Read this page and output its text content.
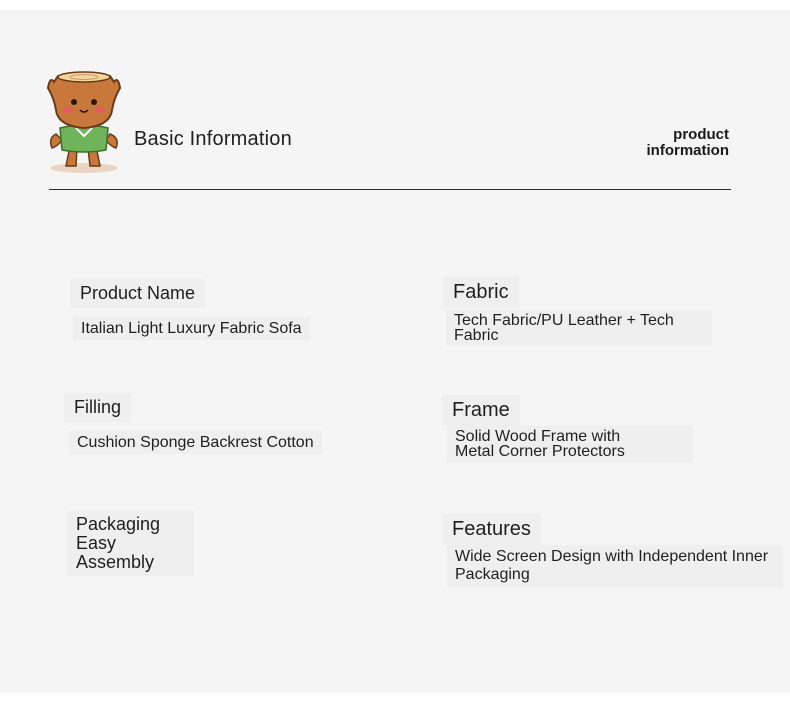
Basic Information	product
information
Product Name
Italian Light Luxury Fabric Sofa
Fabric
Tech Fabric/PU Leather + Tech
Fabric
Filling
Cushion Sponge Backrest Cotton
Frame
Solid Wood Frame with
Metal Corner Protectors
Packaging
Easy
Assembly
Features
Wide Screen Design with Independent Inner
Packaging
